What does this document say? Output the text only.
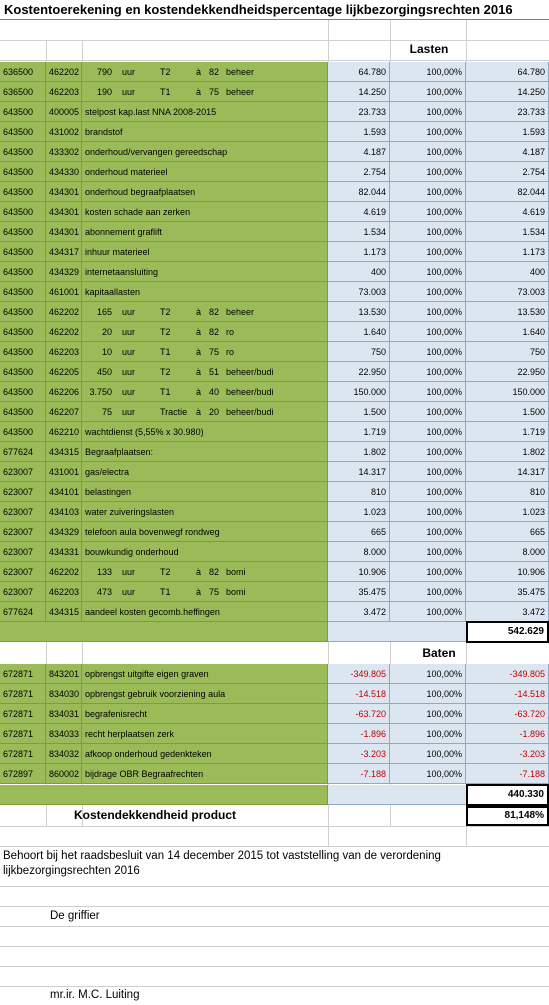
Kostentoerekening en kostendekkendheidspercentage lijkbezorgingsrechten 2016
Lasten
636500	462202	790 uur	T2	à 82 beheer	64.780	100,00%	64.780
636500	462203	190 uur	T1	à 75 beheer	14.250	100,00%	14.250
643500	400005 stelpost kap.last NNA 2008-2015	23.733	100,00%	23.733
643500	431002 brandstof	1.593	100,00%	1.593
643500	433302 onderhoud/vervangen gereedschap	4.187	100,00%	4.187
643500	434330 onderhoud materieel	2.754	100,00%	2.754
643500	434301 onderhoud begraafplaatsen	82.044	100,00%	82.044
643500	434301 kosten schade aan zerken	4.619	100,00%	4.619
643500	434301 abonnement graflift	1.534	100,00%	1.534
643500	434317 inhuur materieel	1.173	100,00%	1.173
643500	434329 internetaansluiting	400	100,00%	400
643500	461001 kapitaallasten	73.003	100,00%	73.003
643500	462202	165 uur	T2	à 82 beheer	13.530	100,00%	13.530
643500	462202	20 uur	T2	à 82 ro	1.640	100,00%	1.640
643500	462203	10 uur	T1	à 75 ro	750	100,00%	750
643500	462205	450 uur	T2	à 51 beheer/budi	22.950	100,00%	22.950
643500	462206	3.750 uur	T1	à 40 beheer/budi	150.000	100,00%	150.000
643500	462207	75 uur	Tractie à 20 beheer/budi	1.500	100,00%	1.500
643500	462210 wachtdienst (5,55% x 30.980)	1.719	100,00%	1.719
677624	434315 Begraafplaatsen:	1.802	100,00%	1.802
623007	431001 gas/electra	14.317	100,00%	14.317
623007	434101 belastingen	810	100,00%	810
623007	434103 water zuiveringslasten	1.023	100,00%	1.023
623007	434329 telefoon aula bovenwegf rondweg	665	100,00%	665
623007	434331 bouwkundig onderhoud	8.000	100,00%	8.000
623007	462202	133 uur	T2	à 82 bomi	10.906	100,00%	10.906
623007	462203	473 uur	T1	à 75 bomi	35.475	100,00%	35.475
677624	434315 aandeel kosten gecomb.heffingen	3.472	100,00%	3.472
542.629
Baten
672871	843201 opbrengst uitgifte eigen graven	-349.805	100,00%	-349.805
672871	834030 opbrengst gebruik voorziening aula	-14.518	100,00%	-14.518
672871	834031 begrafenisrecht	-63.720	100,00%	-63.720
672871	834033 recht herplaatsen zerk	-1.896	100,00%	-1.896
672871	834032 afkoop onderhoud gedenkteken	-3.203	100,00%	-3.203
672897	860002 bijdrage OBR Begraafrechten	-7.188	100,00%	-7.188
440.330
Kostendekkendheid product	81,148%
Behoort bij het raadsbesluit van 14 december 2015 tot vaststelling van de verordening lijkbezorgingsrechten 2016
De griffier
mr.ir. M.C. Luiting
